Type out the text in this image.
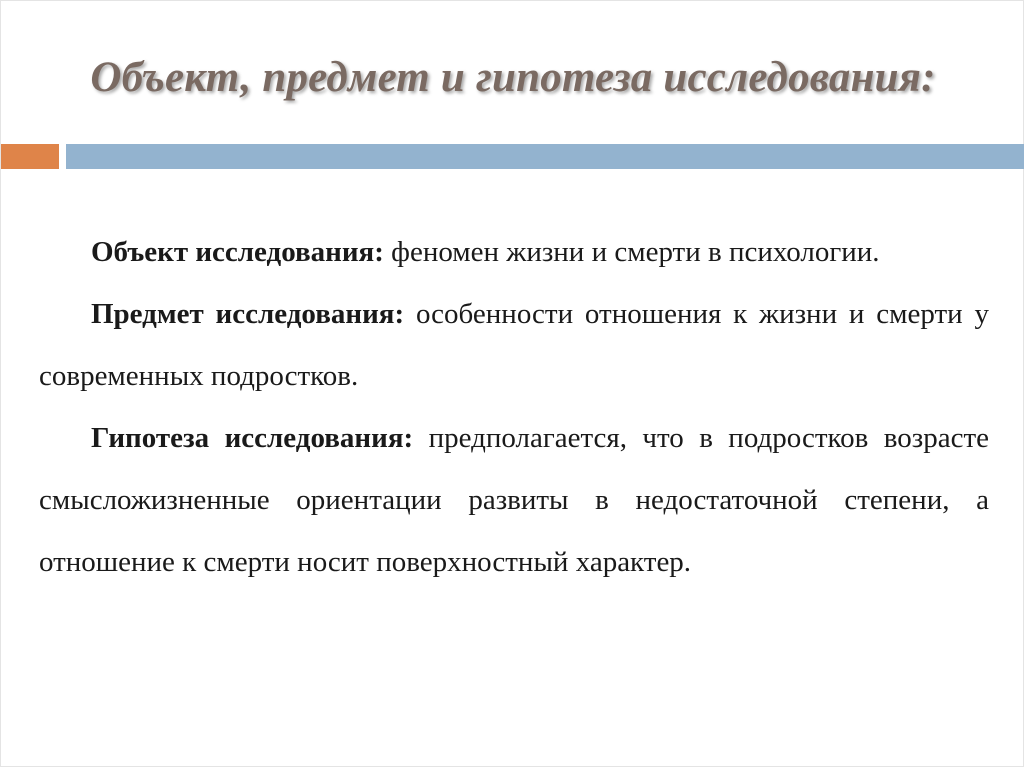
Объект, предмет и гипотеза исследования:

Объект исследования: феномен жизни и смерти в психологии.

Предмет исследования: особенности отношения к жизни и смерти у современных подростков.

Гипотеза исследования: предполагается, что в подростков возрасте смысложизненные ориентации развиты в недостаточной степени, а отношение к смерти носит поверхностный характер.
